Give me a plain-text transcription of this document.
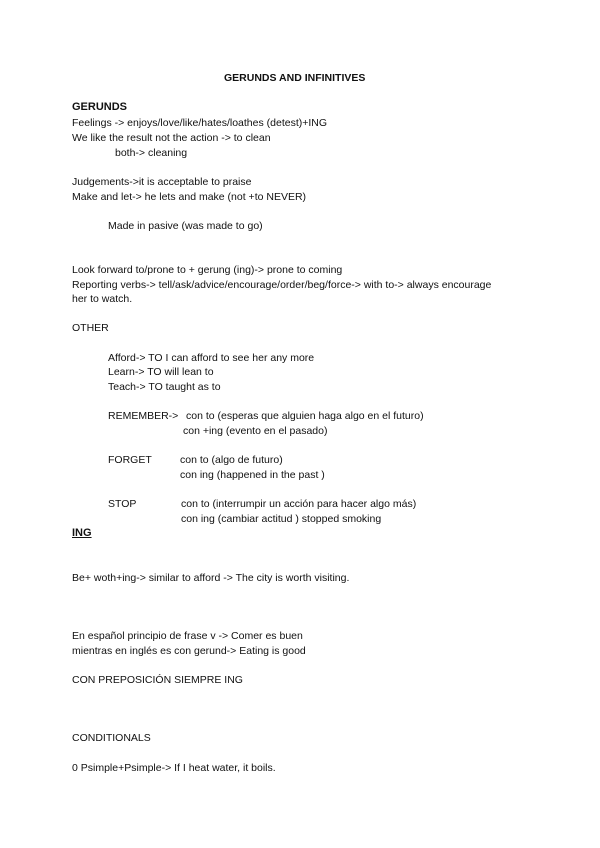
GERUNDS AND INFINITIVES
GERUNDS
Feelings -> enjoys/love/like/hates/loathes (detest)+ING
We like the result not the action -> to clean
both-> cleaning
Judgements->it is acceptable to praise
Make and let-> he lets and make (not +to NEVER)
Made in pasive (was made to go)
Look forward to/prone to + gerung (ing)-> prone to coming
Reporting verbs-> tell/ask/advice/encourage/order/beg/force-> with to-> always encourage
her to watch.
OTHER
Afford-> TO I can afford to see her any more
Learn-> TO will lean to
Teach-> TO taught as to
REMEMBER-> con to (esperas que alguien haga algo en el futuro)
con +ing (evento en el pasado)
FORGET	con to (algo de futuro)
con ing (happened in the past )
STOP	con to (interrumpir un acción para hacer algo más)
con ing (cambiar actitud ) stopped smoking
ING
Be+ woth+ing-> similar to afford -> The city is worth visiting.
En español principio de frase v -> Comer es buen
mientras en inglés es con gerund-> Eating is good
CON PREPOSICIÓN SIEMPRE ING
CONDITIONALS
0 Psimple+Psimple-> If I heat water, it boils.
